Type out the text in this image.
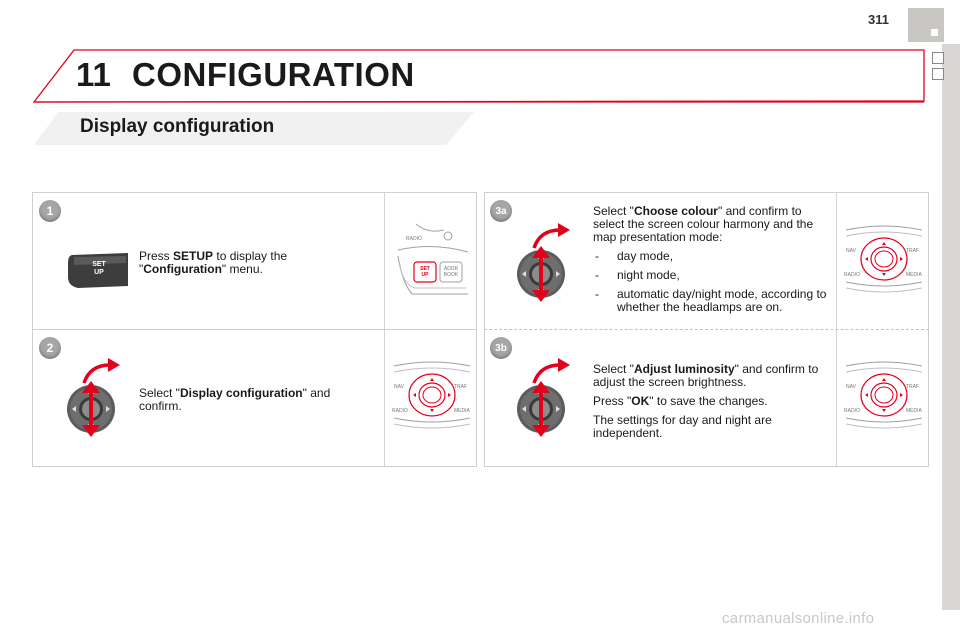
311
11 CONFIGURATION
Display configuration
1
SET
UP
Press SETUP to display the "Configuration" menu.
RADIO
SET
UP
ADDR
BOOK
2
Select "Display configuration" and confirm.
NAV	TRAF
RADIO	MEDIA
3a	Select "Choose colour" and confirm to select the screen colour harmony and the map presentation mode:

- day mode,
- night mode,
- automatic day/night mode, according to whether the headlamps are on.
NAV	TRAF
RADIO	MEDIA
3b

Select "Adjust luminosity" and confirm to adjust the screen brightness.

Press "OK" to save the changes.

The settings for day and night are independent.

NAV	TRAF
RADIO	MEDIA
carmanualsonline.info
